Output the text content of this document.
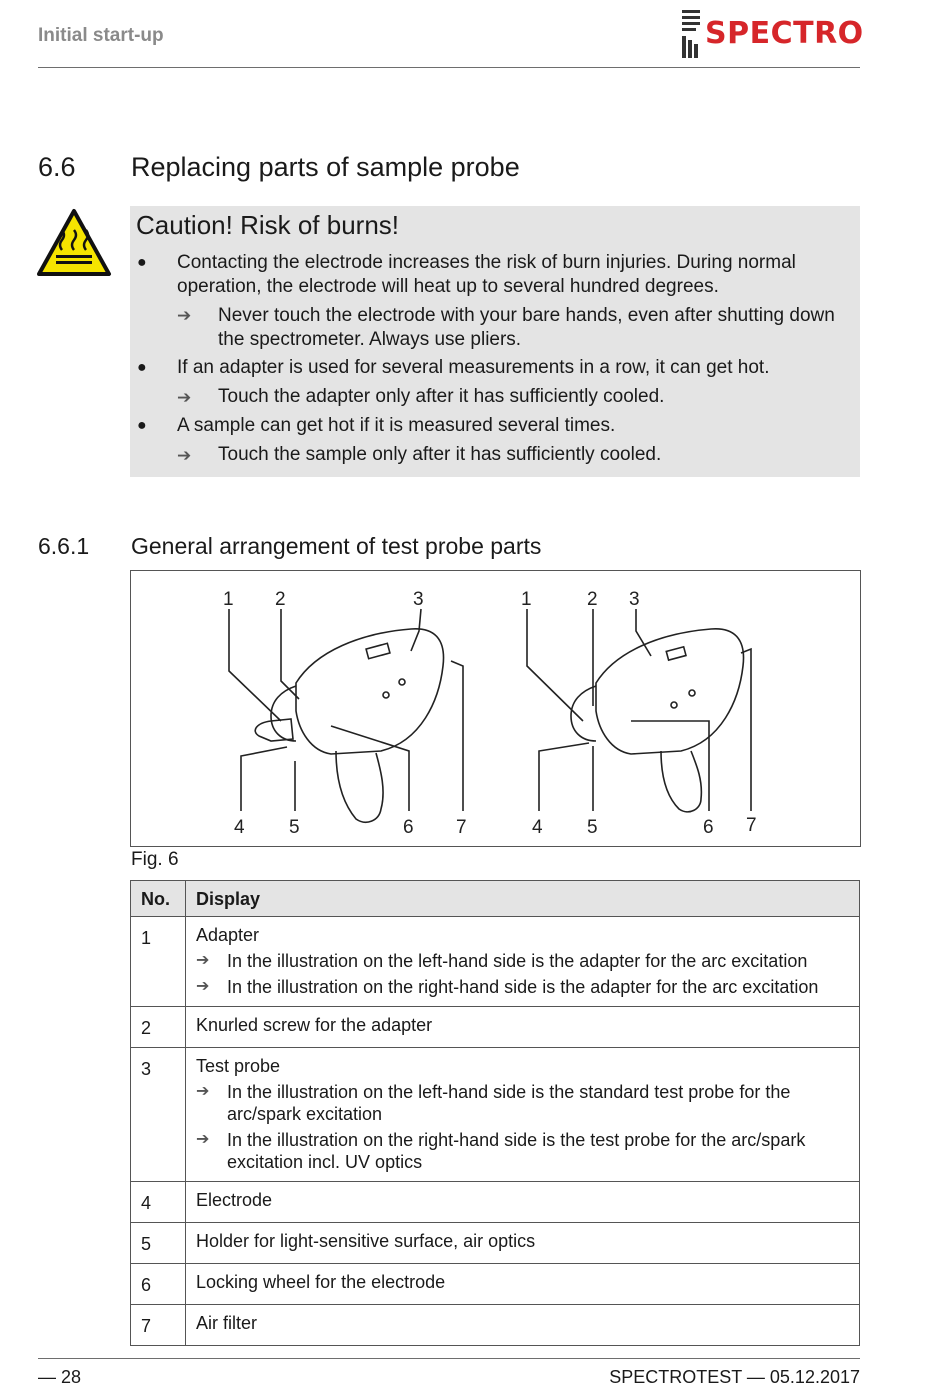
Initial start-up	SPECTRO
6.6 Replacing parts of sample probe
Caution! Risk of burns!
● Contacting the electrode increases the risk of burn injuries. During normal operation, the electrode will heat up to several hundred degrees.
➔ Never touch the electrode with your bare hands, even after shutting down the spectrometer. Always use pliers.
● If an adapter is used for several measurements in a row, it can get hot.
➔ Touch the adapter only after it has sufficiently cooled.
● A sample can get hot if it is measured several times.
➔ Touch the sample only after it has sufficiently cooled.
6.6.1 General arrangement of test probe parts
1 2	3
4 5	6 7
1	2 3
4 5	6 7
Fig. 6
No.	Display
1	Adapter
➔ In the illustration on the left-hand side is the adapter for the arc excitation
➔ In the illustration on the right-hand side is the adapter for the arc excitation

2	Knurled screw for the adapter

3	Test probe
➔ In the illustration on the left-hand side is the standard test probe for the arc/spark excitation
➔ In the illustration on the right-hand side is the test probe for the arc/spark excitation incl. UV optics

4	Electrode

5	Holder for light-sensitive surface, air optics

6	Locking wheel for the electrode

7	Air filter
— 28	SPECTROTEST — 05.12.2017
